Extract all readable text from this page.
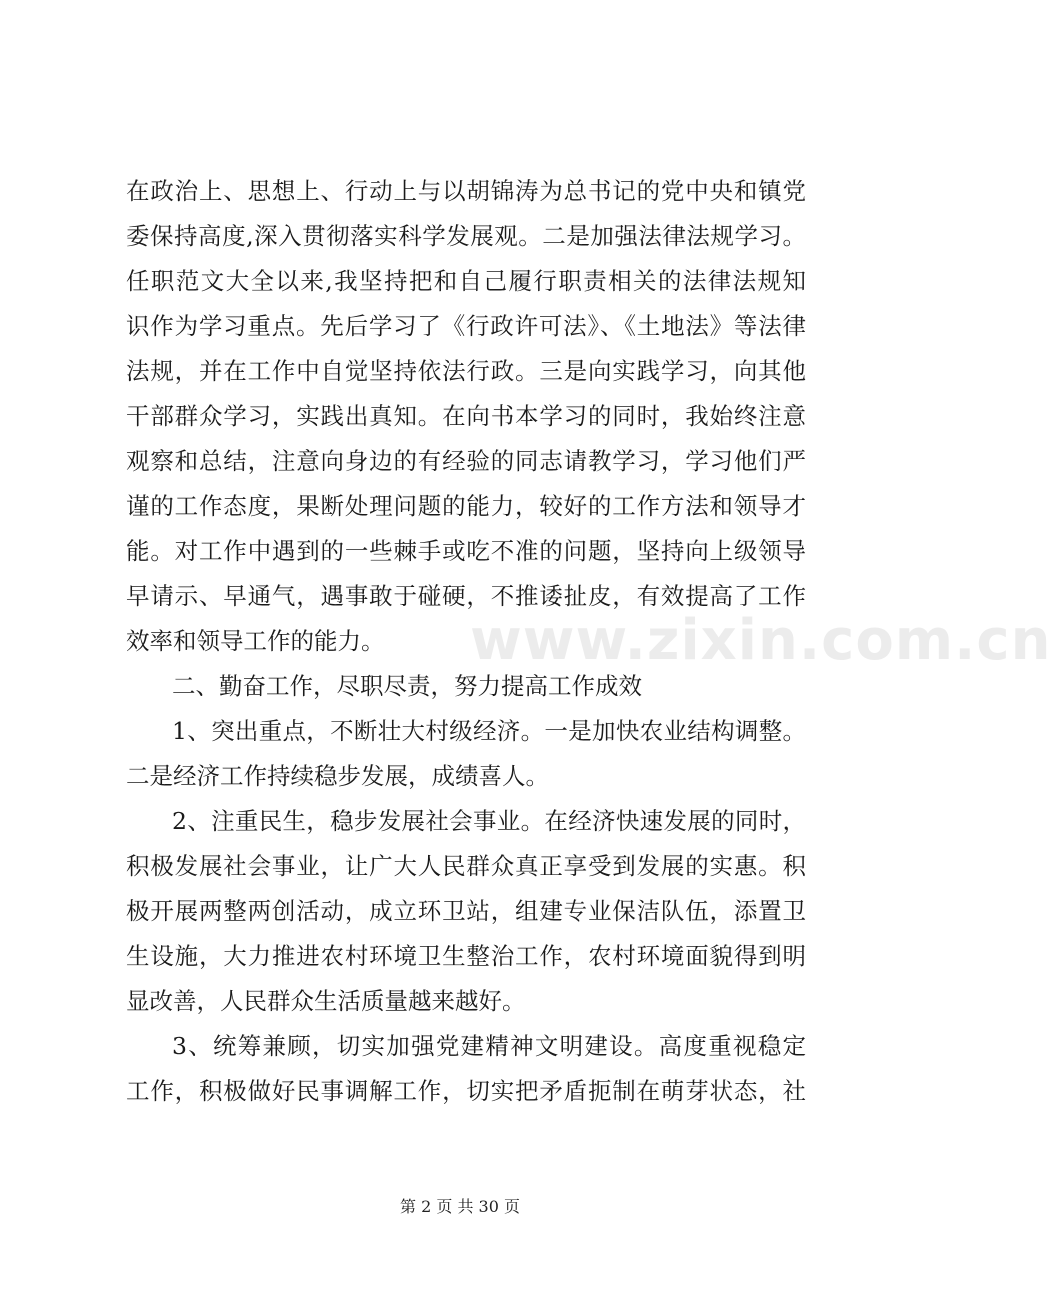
在政治上、思想上、行动上与以胡锦涛为总书记的党中央和镇党
委保持高度,深入贯彻落实科学发展观。二是加强法律法规学习。
任职范文大全以来,我坚持把和自己履行职责相关的法律法规知
识作为学习重点。先后学习了《行政许可法》、《土地法》等法律
法规，并在工作中自觉坚持依法行政。三是向实践学习，向其他
干部群众学习，实践出真知。在向书本学习的同时，我始终注意
观察和总结，注意向身边的有经验的同志请教学习，学习他们严
谨的工作态度，果断处理问题的能力，较好的工作方法和领导才
能。对工作中遇到的一些棘手或吃不准的问题，坚持向上级领导
早请示、早通气，遇事敢于碰硬，不推诿扯皮，有效提高了工作
效率和领导工作的能力。
二、勤奋工作，尽职尽责，努力提高工作成效
1、突出重点，不断壮大村级经济。一是加快农业结构调整。
二是经济工作持续稳步发展，成绩喜人。
2、注重民生，稳步发展社会事业。在经济快速发展的同时，
积极发展社会事业，让广大人民群众真正享受到发展的实惠。积
极开展两整两创活动，成立环卫站，组建专业保洁队伍，添置卫
生设施，大力推进农村环境卫生整治工作，农村环境面貌得到明
显改善，人民群众生活质量越来越好。
3、统筹兼顾，切实加强党建精神文明建设。高度重视稳定
工作，积极做好民事调解工作，切实把矛盾扼制在萌芽状态，社
www.zixin.com.cn
第 2 页 共 30 页
